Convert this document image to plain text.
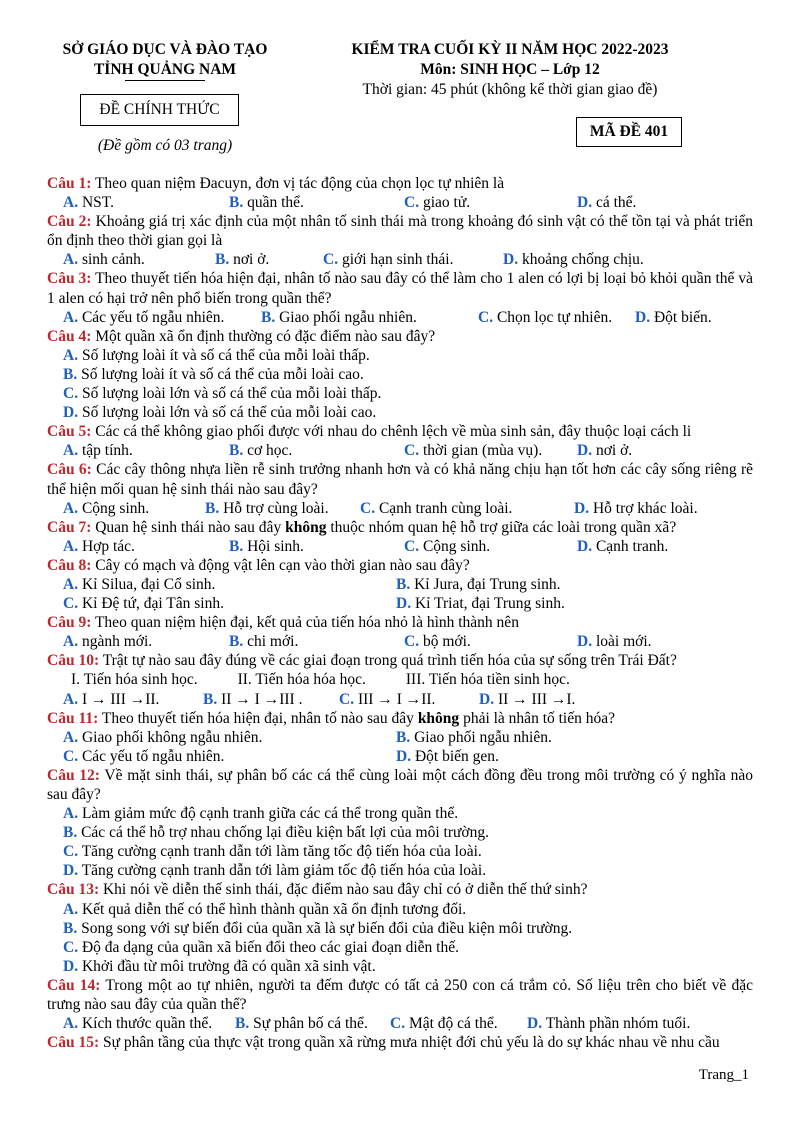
SỞ GIÁO DỤC VÀ ĐÀO TẠO
TỈNH QUẢNG NAM
ĐỀ CHÍNH THỨC
(Đề gồm có 03 trang)
KIỂM TRA CUỐI KỲ II NĂM HỌC 2022-2023
Môn: SINH HỌC – Lớp 12
Thời gian: 45 phút (không kể thời gian giao đề)
MÃ ĐỀ 401
Câu 1: Theo quan niệm Đacuyn, đơn vị tác động của chọn lọc tự nhiên là
A. NST.	B. quần thể.	C. giao tử.	D. cá thể.
Câu 2: Khoảng giá trị xác định của một nhân tố sinh thái mà trong khoảng đó sinh vật có thể tồn tại và phát triển ổn định theo thời gian gọi là
A. sinh cảnh.	B. nơi ở.	C. giới hạn sinh thái.	D. khoảng chống chịu.
Câu 3: Theo thuyết tiến hóa hiện đại, nhân tố nào sau đây có thể làm cho 1 alen có lợi bị loại bỏ khỏi quần thể và 1 alen có hại trở nên phổ biến trong quần thể?
A. Các yếu tố ngẫu nhiên.	B. Giao phối ngẫu nhiên.	C. Chọn lọc tự nhiên.	D. Đột biến.
Câu 4: Một quần xã ổn định thường có đặc điểm nào sau đây?
A. Số lượng loài ít và số cá thể của mỗi loài thấp.
B. Số lượng loài ít và số cá thể của mỗi loài cao.
C. Số lượng loài lớn và số cá thể của mỗi loài thấp.
D. Số lượng loài lớn và số cá thể của mỗi loài cao.
Câu 5: Các cá thể không giao phối được với nhau do chênh lệch về mùa sinh sản, đây thuộc loại cách li
A. tập tính.	B. cơ học.	C. thời gian (mùa vụ).	D. nơi ở.
Câu 6: Các cây thông nhựa liền rễ sinh trưởng nhanh hơn và có khả năng chịu hạn tốt hơn các cây sống riêng rẽ thể hiện mối quan hệ sinh thái nào sau đây?
A. Cộng sinh.	B. Hỗ trợ cùng loài.	C. Cạnh tranh cùng loài.	D. Hỗ trợ khác loài.
Câu 7: Quan hệ sinh thái nào sau đây không thuộc nhóm quan hệ hỗ trợ giữa các loài trong quần xã?
A. Hợp tác.	B. Hội sinh.	C. Cộng sinh.	D. Cạnh tranh.
Câu 8: Cây có mạch và động vật lên cạn vào thời gian nào sau đây?
A. Kỉ Silua, đại Cổ sinh.	B. Kỉ Jura, đại Trung sinh.
C. Kỉ Đệ tứ, đại Tân sinh.	D. Kỉ Triat, đại Trung sinh.
Câu 9: Theo quan niệm hiện đại, kết quả của tiến hóa nhỏ là hình thành nên
A. ngành mới.	B. chi mới.	C. bộ mới.	D. loài mới.
Câu 10: Trật tự nào sau đây đúng về các giai đoạn trong quá trình tiến hóa của sự sống trên Trái Đất?
I. Tiến hóa sinh học.	II. Tiến hóa hóa học.	III. Tiến hóa tiền sinh học.
A. I → III →II.	B. II → I →III .	C. III → I →II.	D. II → III →I.
Câu 11: Theo thuyết tiến hóa hiện đại, nhân tố nào sau đây không phải là nhân tố tiến hóa?
A. Giao phối không ngẫu nhiên.	B. Giao phối ngẫu nhiên.
C. Các yếu tố ngẫu nhiên.	D. Đột biến gen.
Câu 12: Về mặt sinh thái, sự phân bố các cá thể cùng loài một cách đồng đều trong môi trường có ý nghĩa nào sau đây?
A. Làm giảm mức độ cạnh tranh giữa các cá thể trong quần thể.
B. Các cá thể hỗ trợ nhau chống lại điều kiện bất lợi của môi trường.
C. Tăng cường cạnh tranh dẫn tới làm tăng tốc độ tiến hóa của loài.
D. Tăng cường cạnh tranh dẫn tới làm giảm tốc độ tiến hóa của loài.
Câu 13: Khi nói về diễn thế sinh thái, đặc điểm nào sau đây chỉ có ở diễn thế thứ sinh?
A. Kết quả diễn thế có thể hình thành quần xã ổn định tương đối.
B. Song song với sự biến đổi của quần xã là sự biến đổi của điều kiện môi trường.
C. Độ đa dạng của quần xã biến đổi theo các giai đoạn diễn thế.
D. Khởi đầu từ môi trường đã có quần xã sinh vật.
Câu 14: Trong một ao tự nhiên, người ta đếm được có tất cả 250 con cá trắm cỏ. Số liệu trên cho biết về đặc trưng nào sau đây của quần thể?
A. Kích thước quần thể.	B. Sự phân bố cá thể.	C. Mật độ cá thể.	D. Thành phần nhóm tuổi.
Câu 15: Sự phân tầng của thực vật trong quần xã rừng mưa nhiệt đới chủ yếu là do sự khác nhau về nhu cầu
Trang_1
